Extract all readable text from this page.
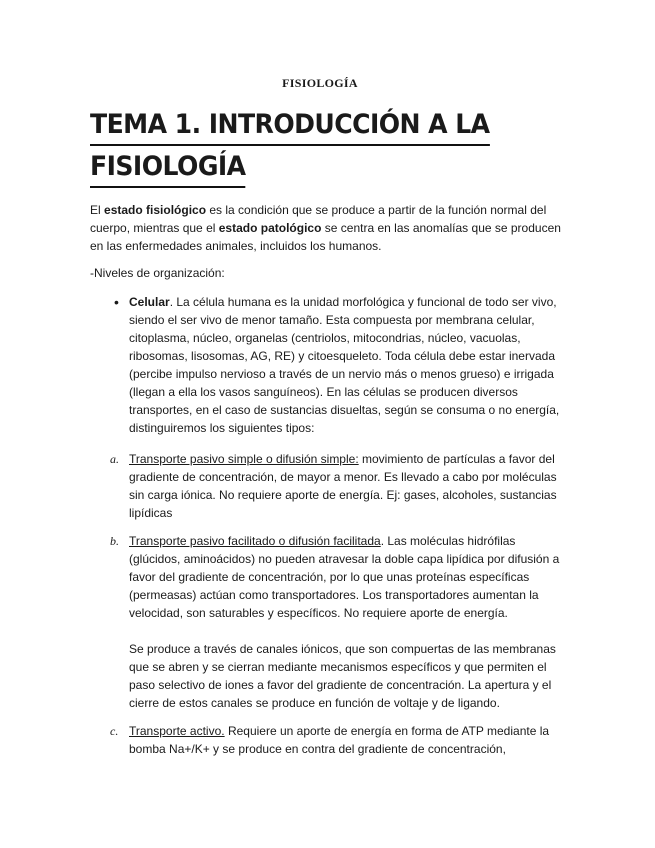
FISIOLOGÍA
TEMA 1. INTRODUCCIÓN A LA
FISIOLOGÍA

El estado fisiológico es la condición que se produce a partir de la función normal del cuerpo, mientras que el estado patológico se centra en las anomalías que se producen en las enfermedades animales, incluidos los humanos.

-Niveles de organización:

• Celular. La célula humana es la unidad morfológica y funcional de todo ser vivo, siendo el ser vivo de menor tamaño. Esta compuesta por membrana celular, citoplasma, núcleo, organelas (centriolos, mitocondrias, núcleo, vacuolas, ribosomas, lisosomas, AG, RE) y citoesqueleto. Toda célula debe estar inervada (percibe impulso nervioso a través de un nervio más o menos grueso) e irrigada (llegan a ella los vasos sanguíneos). En las células se producen diversos transportes, en el caso de sustancias disueltas, según se consuma o no energía, distinguiremos los siguientes tipos:
a. Transporte pasivo simple o difusión simple: movimiento de partículas a favor del gradiente de concentración, de mayor a menor. Es llevado a cabo por moléculas sin carga iónica. No requiere aporte de energía. Ej: gases, alcoholes, sustancias lipídicas
b. Transporte pasivo facilitado o difusión facilitada. Las moléculas hidrófilas (glúcidos, aminoácidos) no pueden atravesar la doble capa lipídica por difusión a favor del gradiente de concentración, por lo que unas proteínas específicas (permeasas) actúan como transportadores. Los transportadores aumentan la velocidad, son saturables y específicos. No requiere aporte de energía.
Se produce a través de canales iónicos, que son compuertas de las membranas que se abren y se cierran mediante mecanismos específicos y que permiten el paso selectivo de iones a favor del gradiente de concentración. La apertura y el cierre de estos canales se produce en función de voltaje y de ligando.
c. Transporte activo. Requiere un aporte de energía en forma de ATP mediante la bomba Na+/K+ y se produce en contra del gradiente de concentración,
